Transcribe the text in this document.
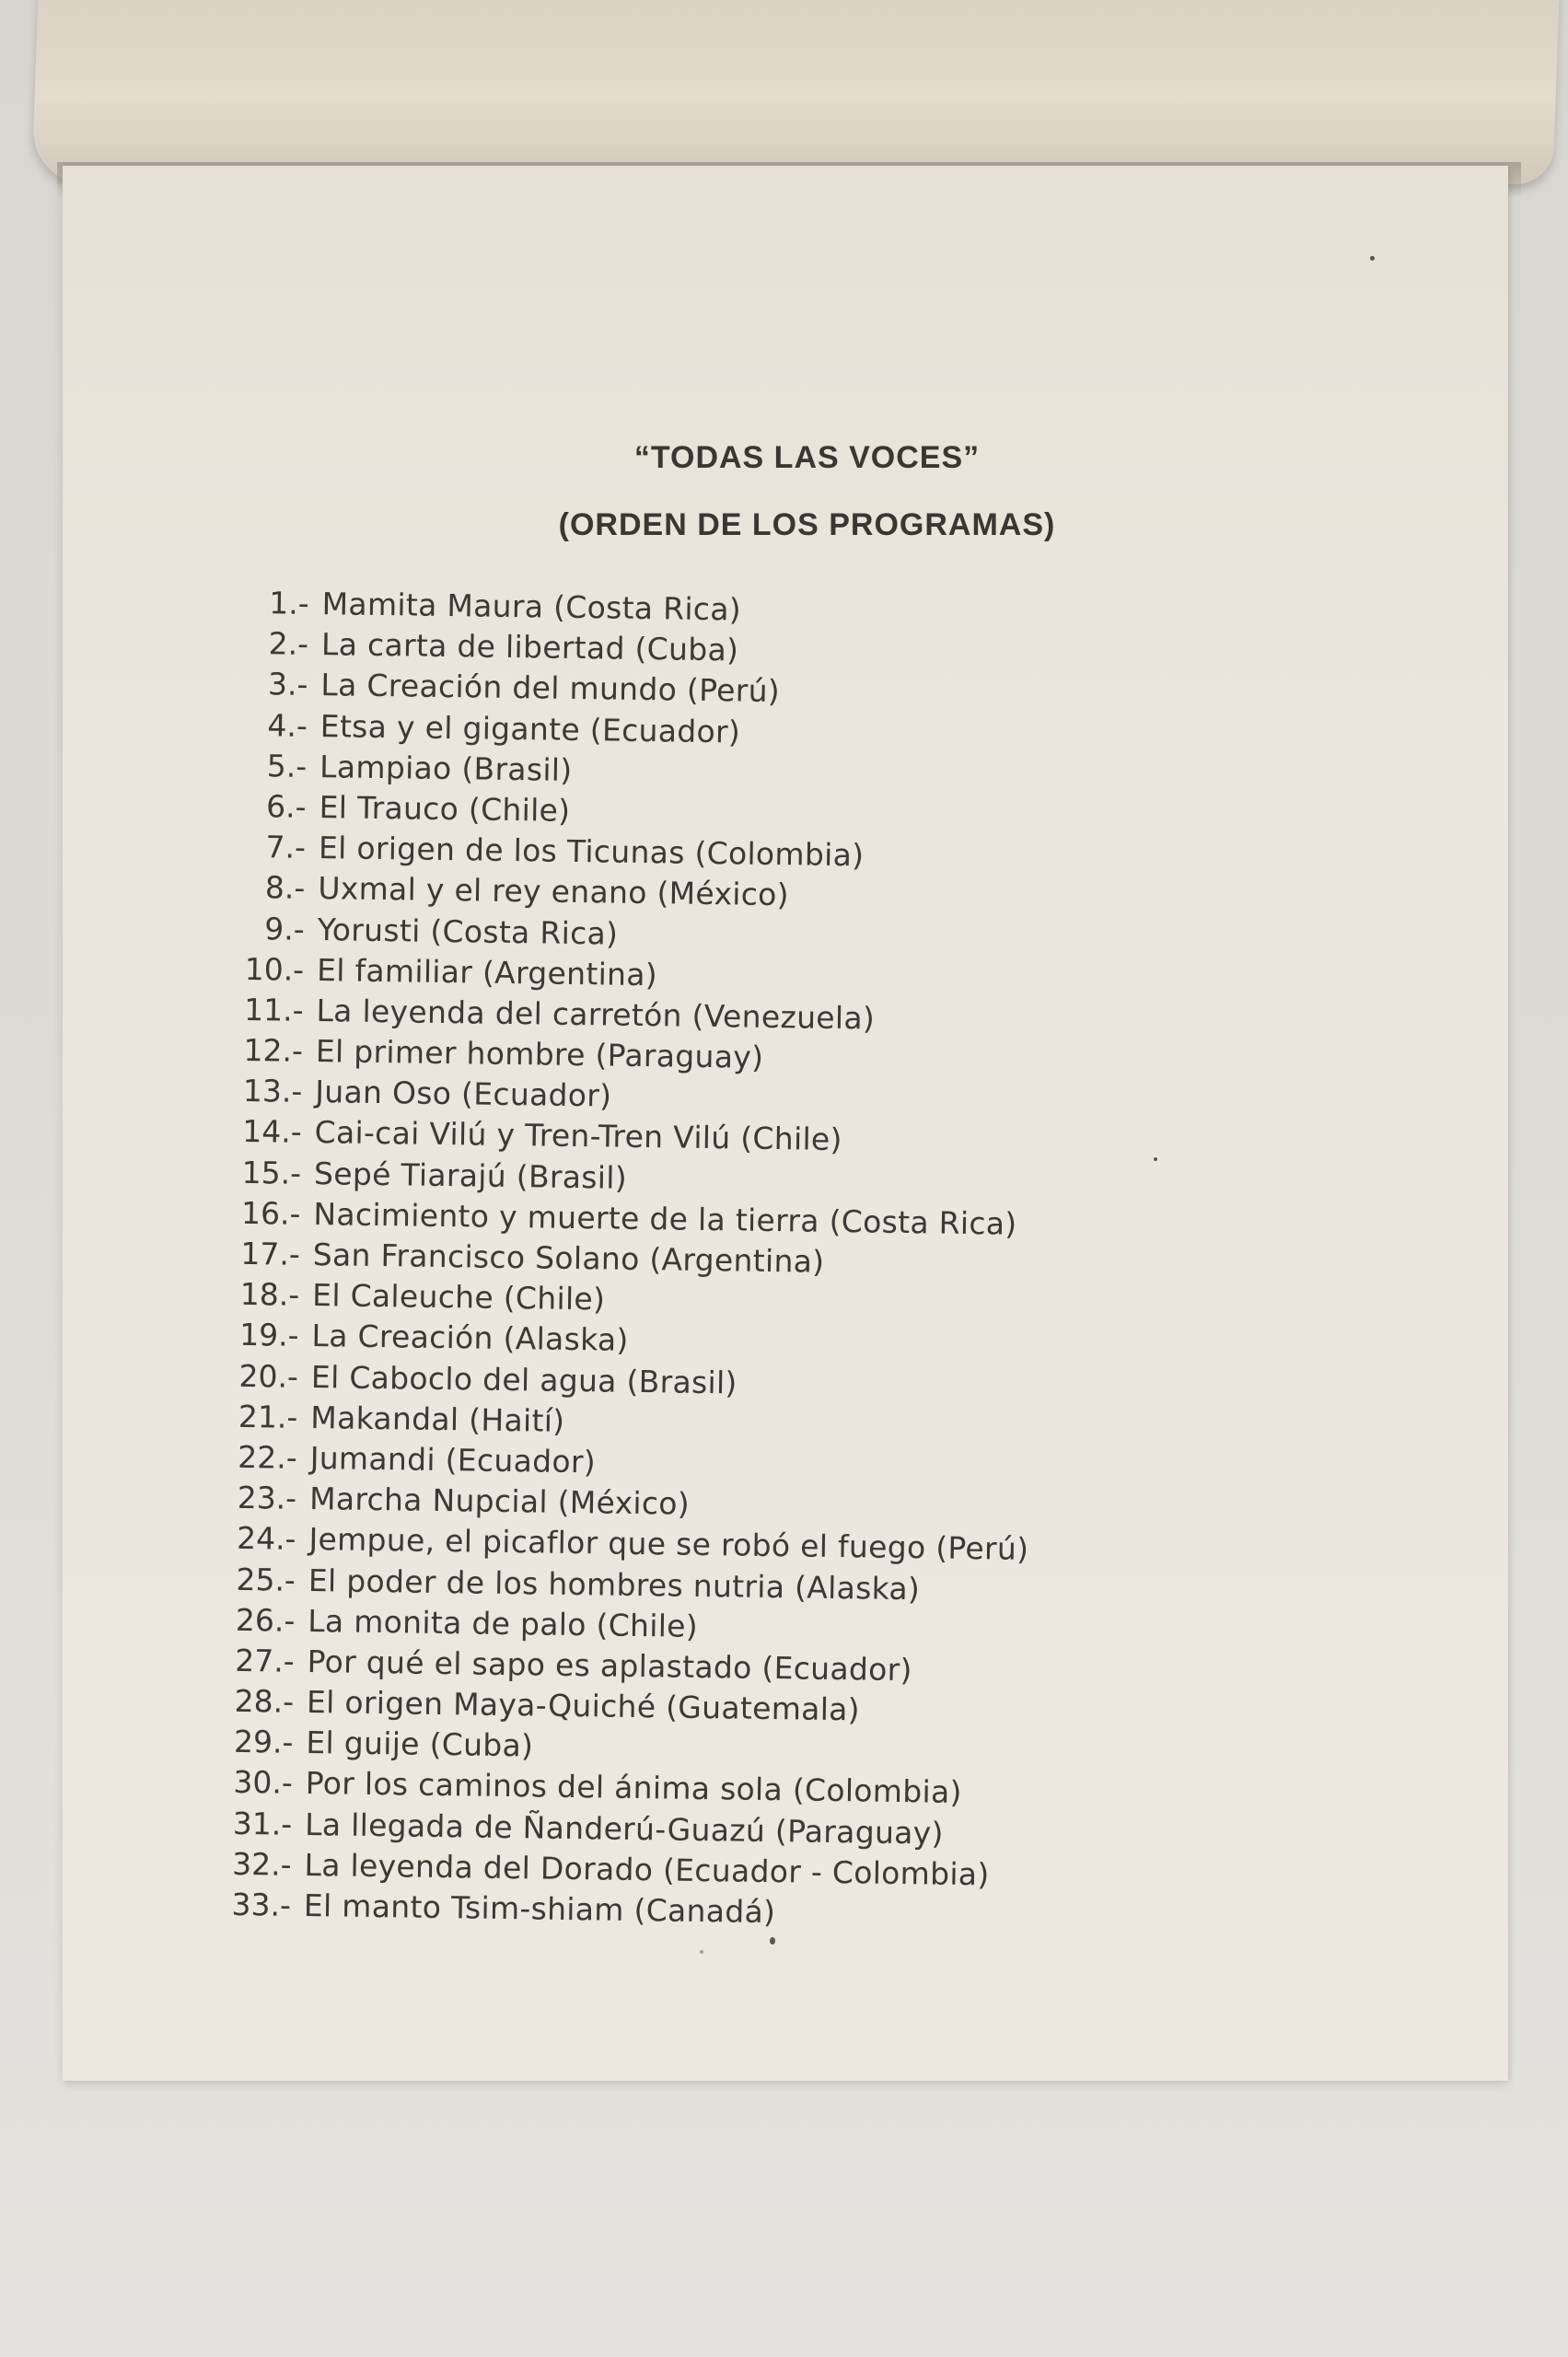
“TODAS LAS VOCES”
(ORDEN DE LOS PROGRAMAS)
1.- Mamita Maura (Costa Rica)
2.- La carta de libertad (Cuba)
3.- La Creación del mundo (Perú)
4.- Etsa y el gigante (Ecuador)
5.- Lampiao (Brasil)
6.- El Trauco (Chile)
7.- El origen de los Ticunas (Colombia)
8.- Uxmal y el rey enano (México)
9.- Yorusti (Costa Rica)
10.- El familiar (Argentina)
11.- La leyenda del carretón (Venezuela)
12.- El primer hombre (Paraguay)
13.- Juan Oso (Ecuador)
14.- Cai-cai Vilú y Tren-Tren Vilú (Chile)
15.- Sepé Tiarajú (Brasil)
16.- Nacimiento y muerte de la tierra (Costa Rica)
17.- San Francisco Solano (Argentina)
18.- El Caleuche (Chile)
19.- La Creación (Alaska)
20.- El Caboclo del agua (Brasil)
21.- Makandal (Haití)
22.- Jumandi (Ecuador)
23.- Marcha Nupcial (México)
24.- Jempue, el picaflor que se robó el fuego (Perú)
25.- El poder de los hombres nutria (Alaska)
26.- La monita de palo (Chile)
27.- Por qué el sapo es aplastado (Ecuador)
28.- El origen Maya-Quiché (Guatemala)
29.- El guije (Cuba)
30.- Por los caminos del ánima sola (Colombia)
31.- La llegada de Ñanderú-Guazú (Paraguay)
32.- La leyenda del Dorado (Ecuador - Colombia)
33.- El manto Tsim-shiam (Canadá)
